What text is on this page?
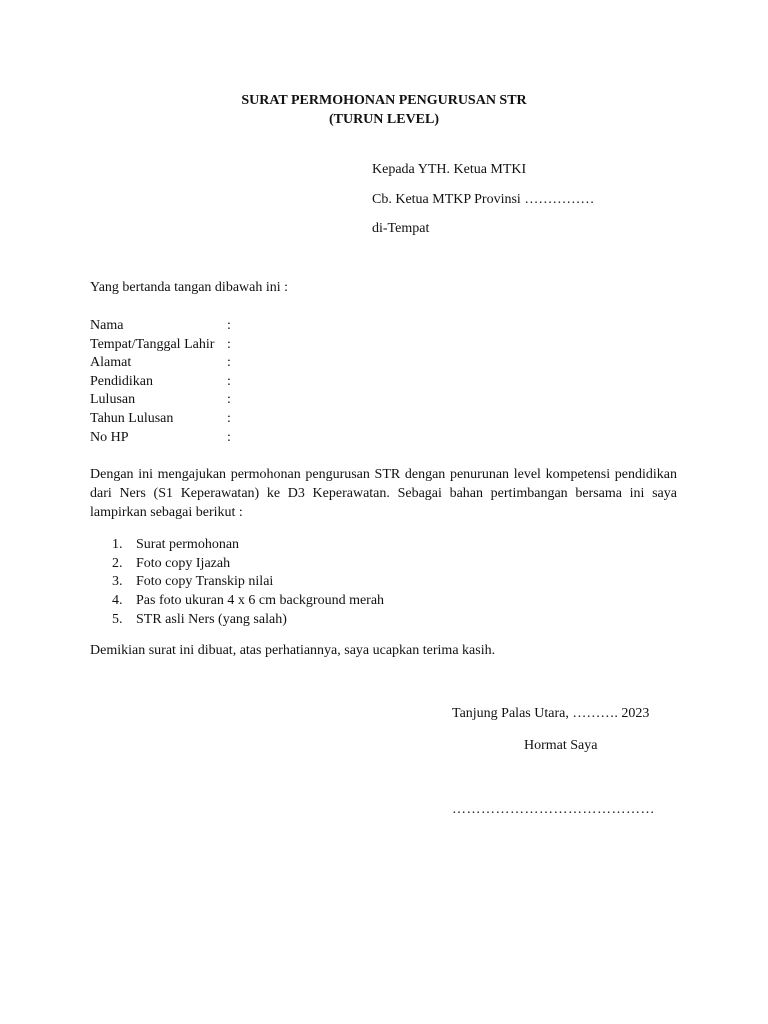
SURAT PERMOHONAN PENGURUSAN STR
(TURUN LEVEL)
Kepada YTH. Ketua MTKI
Cb. Ketua MTKP Provinsi ……………
di-Tempat
Yang bertanda tangan dibawah ini :
Nama	:
Tempat/Tanggal Lahir :
Alamat	:
Pendidikan	:
Lulusan	:
Tahun Lulusan	:
No HP	:
Dengan ini mengajukan permohonan pengurusan STR dengan penurunan level kompetensi pendidikan dari Ners (S1 Keperawatan) ke D3 Keperawatan. Sebagai bahan pertimbangan bersama ini saya lampirkan sebagai berikut :
1. Surat permohonan
2. Foto copy Ijazah
3. Foto copy Transkip nilai
4. Pas foto ukuran 4 x 6 cm background merah
5. STR asli Ners (yang salah)
Demikian surat ini dibuat, atas perhatiannya, saya ucapkan terima kasih.
Tanjung Palas Utara, ………. 2023
Hormat Saya
……………………………………
